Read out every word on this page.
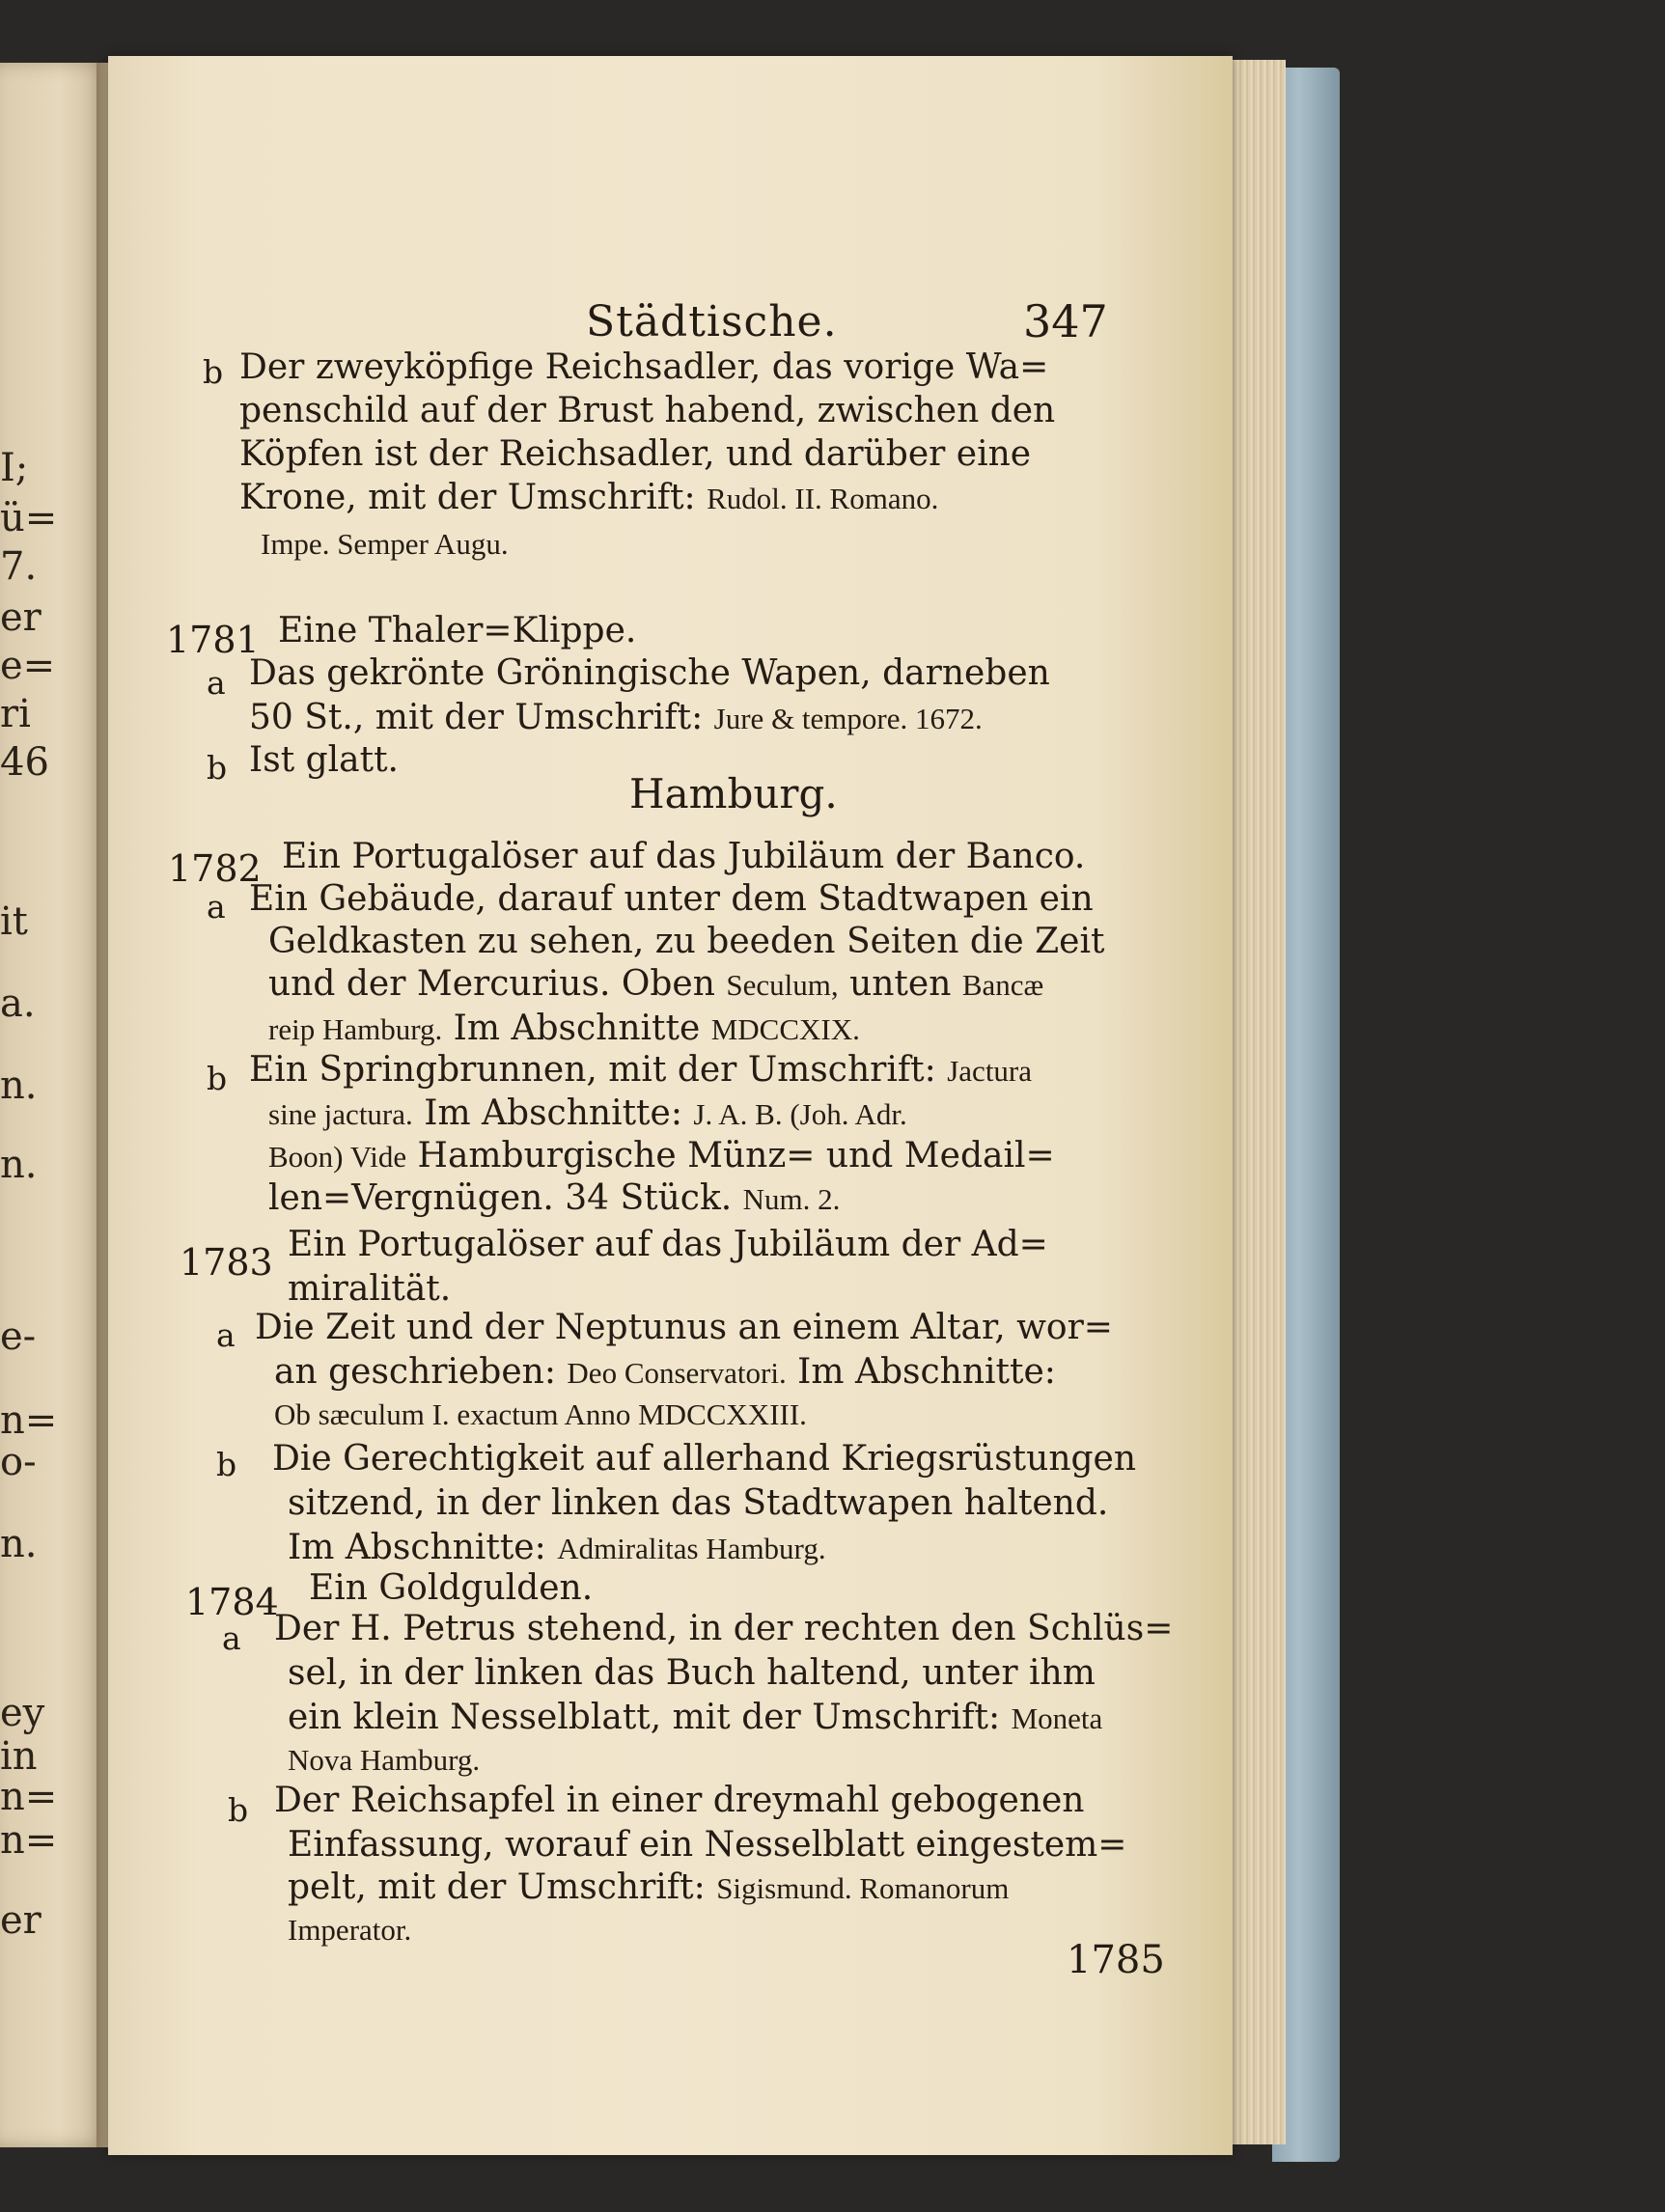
I;
ü=
7.
er
e=
ri
46
it
a.
n.
n.
e-
n=
o-
n.
ey
in
n=
n=
er
Städtische.	347
b Der zweyköpfige Reichsadler, das vorige Wa=
penschild auf der Brust habend, zwischen den
Köpfen ist der Reichsadler, und darüber eine
Krone, mit der Umschrift: Rudol. II. Romano.
Impe. Semper Augu.
1781 Eine Thaler=Klippe.
a Das gekrönte Gröningische Wapen, darneben
50 St., mit der Umschrift: Jure & tempore. 1672.
b Ist glatt.
Hamburg.
1782 Ein Portugalöser auf das Jubiläum der Banco.
a Ein Gebäude, darauf unter dem Stadtwapen ein
Geldkasten zu sehen, zu beeden Seiten die Zeit
und der Mercurius. Oben Seculum, unten Bancæ
reip Hamburg. Im Abschnitte MDCCXIX.
b Ein Springbrunnen, mit der Umschrift: Jactura
sine jactura. Im Abschnitte: J. A. B. (Joh. Adr.
Boon) Vide Hamburgische Münz= und Medail=
len=Vergnügen. 34 Stück. Num. 2.
1783 Ein Portugalöser auf das Jubiläum der Ad=
miralität.
a Die Zeit und der Neptunus an einem Altar, wor=
an geschrieben: Deo Conservatori. Im Abschnitte:
Ob sæculum I. exactum Anno MDCCXXIII.
b Die Gerechtigkeit auf allerhand Kriegsrüstungen
sitzend, in der linken das Stadtwapen haltend.
Im Abschnitte: Admiralitas Hamburg.
1784 Ein Goldgulden.
a Der H. Petrus stehend, in der rechten den Schlüs=
sel, in der linken das Buch haltend, unter ihm
ein klein Nesselblatt, mit der Umschrift: Moneta
Nova Hamburg.
b Der Reichsapfel in einer dreymahl gebogenen
Einfassung, worauf ein Nesselblatt eingestem=
pelt, mit der Umschrift: Sigismund. Romanorum
Imperator.
1785
